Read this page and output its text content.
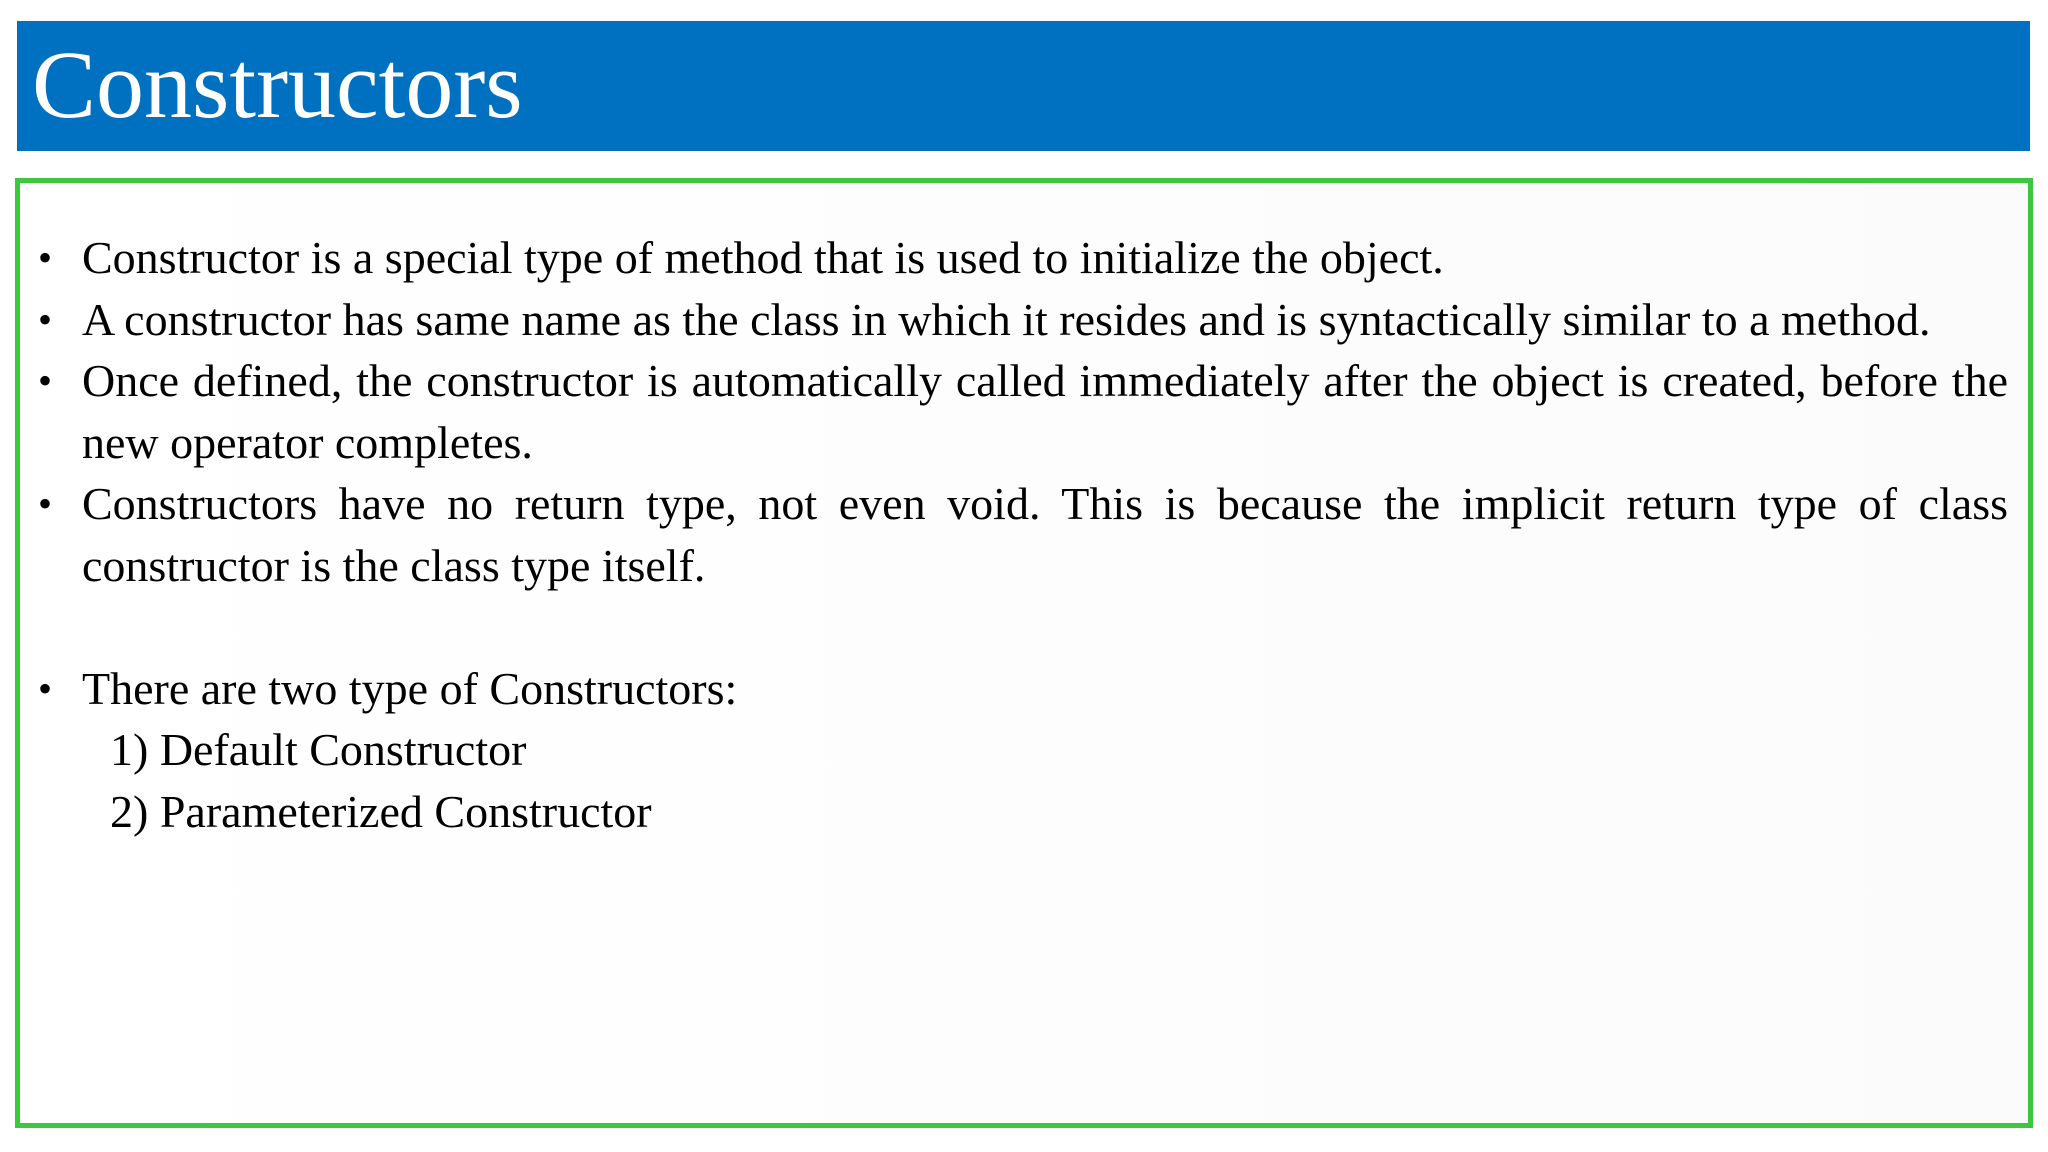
Constructors
• Constructor is a special type of method that is used to initialize the object.
• A constructor has same name as the class in which it resides and is syntactically similar to a method.
• Once defined, the constructor is automatically called immediately after the object is created, before the new operator completes.
• Constructors have no return type, not even void. This is because the implicit return type of class constructor is the class type itself.
• There are two type of Constructors:
1) Default Constructor
2) Parameterized Constructor
